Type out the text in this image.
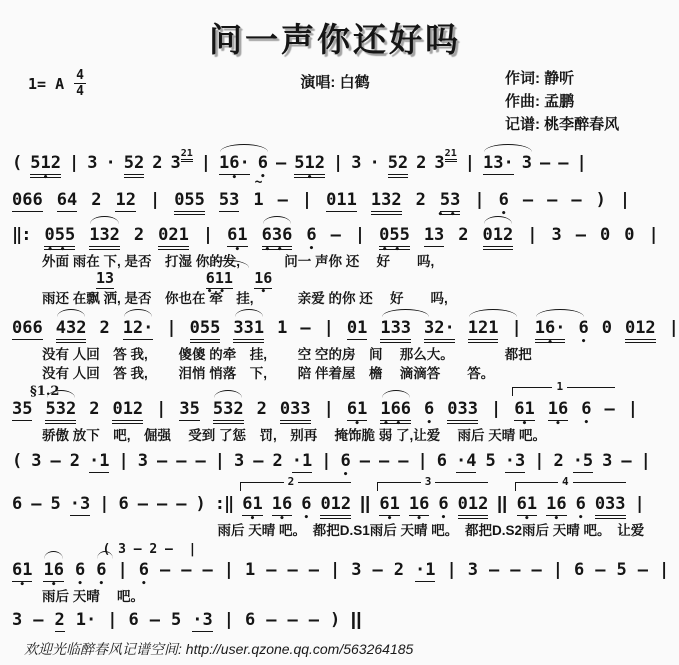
问一声你还好吗
1= A $\frac{4}{4}$	演唱: 白鹤	作词: 静听
作曲: 孟鹏
记谱: 桃李醉春风
( 512 • | 3 · 52 2 $3^{21}$ | 16· • 6 • – 512 • | 3 · 52 2 $3^{21}$ | 13· 3 – – |
066 64 2 12 | 055 53 ~ 1 – | 011 132 2 53 •• | 6 • – – – ) |
‖: 055 •• 132 2 021 | 61 • 636 •• 6 • – | 055 •• 13 2 012 | 3 – 0 0 |
外面 雨在 下, 是否　打湿 你的发,　　　 问一 声你 还　 好　　吗,
13	611 •• 16 •
雨还 在飘 洒, 是否　你也在 牵　挂,　　　 亲爱 的你 还　 好　　吗,
066 432 2 12· | 055 331 1 – | 01 133 32· 121 | 16· • 6 • 0 012 |
没有 人回　答 我,　　 傻傻 的牵　挂,　　 空 空的房　间　 那么大。　　　　 都把
没有 人回　答 我,　　 泪悄 悄落　下,　　 陪 伴着屋　檐　 滴滴答　　答。
§1.2
35 532 2 012 | 35 532 2 033 | 61 • 166 •• 6 • 033 |
1
61 • 16 • 6 • – |
骄傲 放下　吧,　倔强　 受到 了惩　罚,　别再　 掩饰脆 弱 了,让爱　 雨后 天晴 吧。
( 3 – 2 ·1 | 3 – – – | 3 – 2 ·1 | 6 • – – – | 6 ·4 5 ·3 | 2 ·5 3 – |
6 – 5 ·3 | 6 – – – ) :‖
2
61 • 16 • 6 • 012 ‖
3
61 • 16 • 6 • 012 ‖
4
61 • 16 • 6 • 033 |
　　　　　　　　　　　　　雨后 天晴 吧。　都把D.S1雨后 天晴 吧。　都把D.S2雨后 天晴 吧。　让爱
( 3 – 2 –  |
61 • 16 • 6 • 6 • | 6 • – – – | 1 – – – | 3 – 2 ·1 | 3 – – – | 6 – 5 – |
雨后 天晴　 吧。
3 – 2 1· | 6 – 5 ·3 | 6 – – – ) ‖
欢迎光临醉春风记谱空间: http://user.qzone.qq.com/563264185
